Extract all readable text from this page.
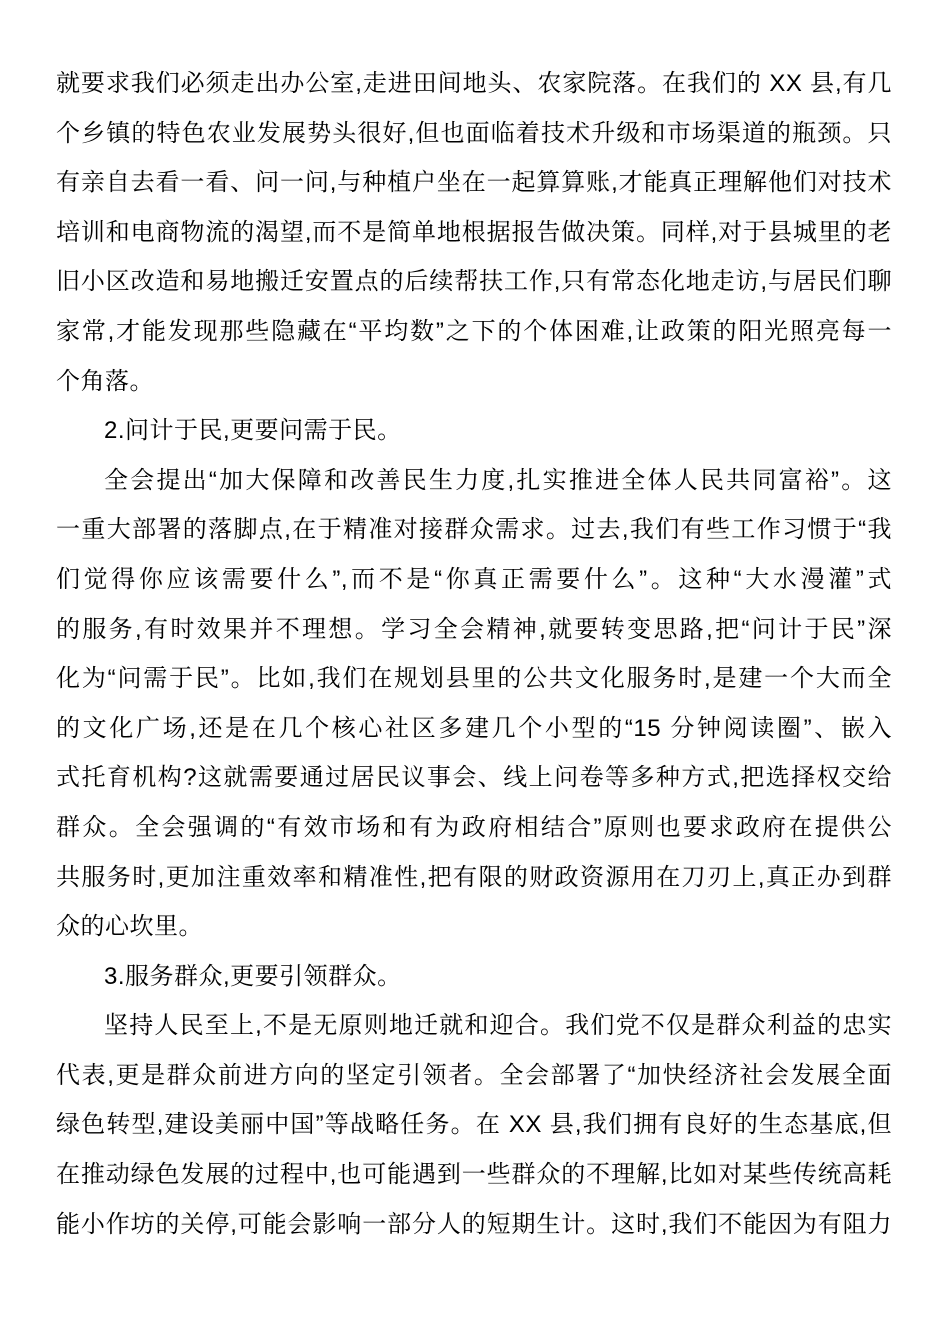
就要求我们必须走出办公室,走进田间地头、农家院落。在我们的 XX 县,有几
个乡镇的特色农业发展势头很好,但也面临着技术升级和市场渠道的瓶颈。只
有亲自去看一看、问一问,与种植户坐在一起算算账,才能真正理解他们对技术
培训和电商物流的渴望,而不是简单地根据报告做决策。同样,对于县城里的老
旧小区改造和易地搬迁安置点的后续帮扶工作,只有常态化地走访,与居民们聊
家常,才能发现那些隐藏在“平均数”之下的个体困难,让政策的阳光照亮每一
个角落。
2.问计于民,更要问需于民。
全会提出“加大保障和改善民生力度,扎实推进全体人民共同富裕”。这
一重大部署的落脚点,在于精准对接群众需求。过去,我们有些工作习惯于“我
们觉得你应该需要什么”,而不是“你真正需要什么”。这种“大水漫灌”式
的服务,有时效果并不理想。学习全会精神,就要转变思路,把“问计于民”深
化为“问需于民”。比如,我们在规划县里的公共文化服务时,是建一个大而全
的文化广场,还是在几个核心社区多建几个小型的“15 分钟阅读圈”、嵌入
式托育机构?这就需要通过居民议事会、线上问卷等多种方式,把选择权交给
群众。全会强调的“有效市场和有为政府相结合”原则也要求政府在提供公
共服务时,更加注重效率和精准性,把有限的财政资源用在刀刃上,真正办到群
众的心坎里。
3.服务群众,更要引领群众。
坚持人民至上,不是无原则地迁就和迎合。我们党不仅是群众利益的忠实
代表,更是群众前进方向的坚定引领者。全会部署了“加快经济社会发展全面
绿色转型,建设美丽中国”等战略任务。在 XX 县,我们拥有良好的生态基底,但
在推动绿色发展的过程中,也可能遇到一些群众的不理解,比如对某些传统高耗
能小作坊的关停,可能会影响一部分人的短期生计。这时,我们不能因为有阻力
